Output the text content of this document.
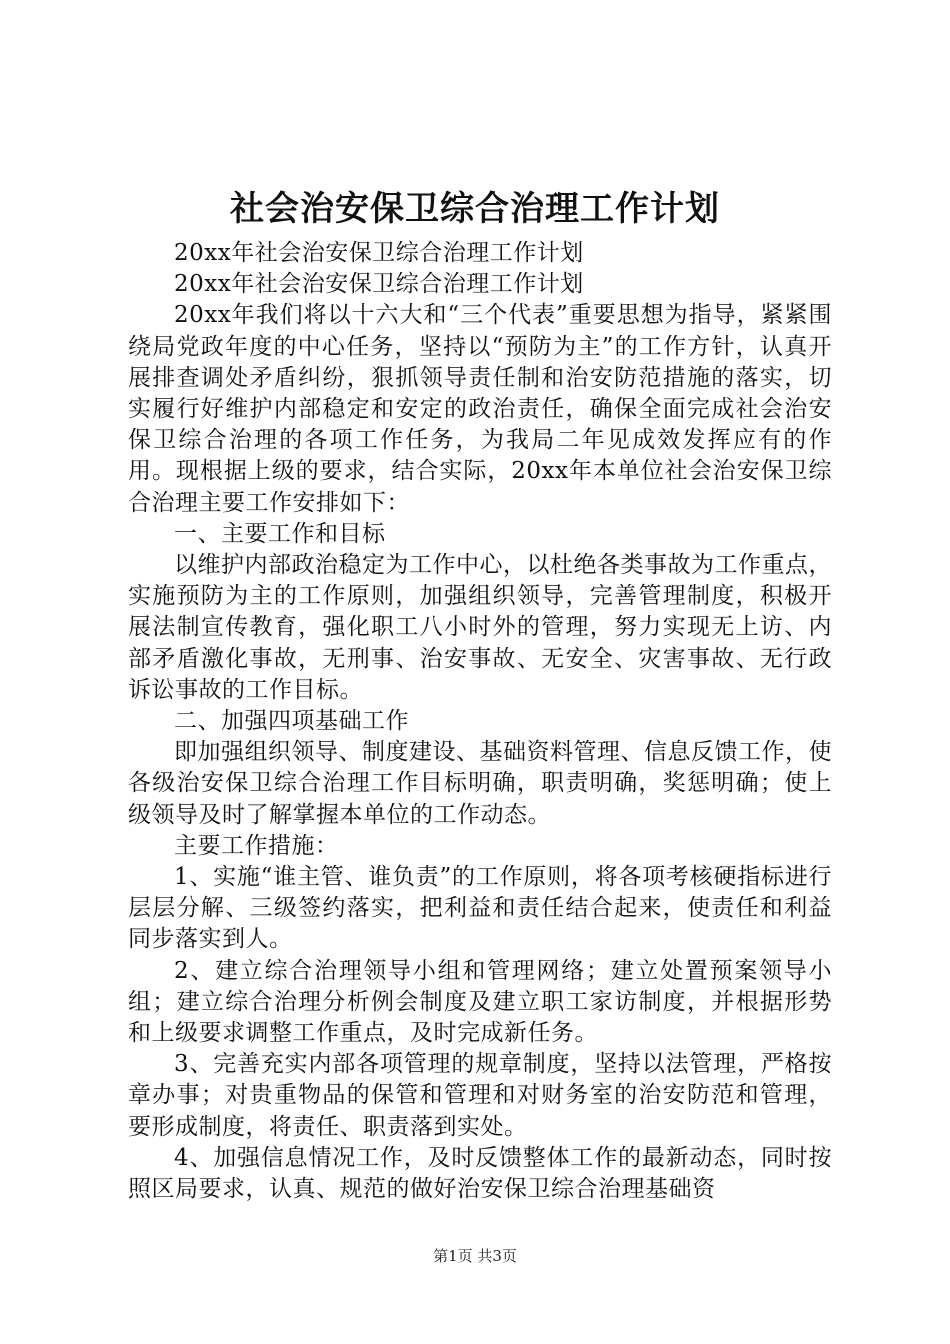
社会治安保卫综合治理工作计划

20xx年社会治安保卫综合治理工作计划

20xx年社会治安保卫综合治理工作计划

20xx年我们将以十六大和“三个代表”重要思想为指导，紧紧围绕局党政年度的中心任务，坚持以“预防为主”的工作方针，认真开展排查调处矛盾纠纷，狠抓领导责任制和治安防范措施的落实，切实履行好维护内部稳定和安定的政治责任，确保全面完成社会治安保卫综合治理的各项工作任务，为我局二年见成效发挥应有的作用。现根据上级的要求，结合实际，20xx年本单位社会治安保卫综合治理主要工作安排如下：

一、主要工作和目标

以维护内部政治稳定为工作中心，以杜绝各类事故为工作重点，实施预防为主的工作原则，加强组织领导，完善管理制度，积极开展法制宣传教育，强化职工八小时外的管理，努力实现无上访、内部矛盾激化事故，无刑事、治安事故、无安全、灾害事故、无行政诉讼事故的工作目标。

二、加强四项基础工作

即加强组织领导、制度建设、基础资料管理、信息反馈工作，使各级治安保卫综合治理工作目标明确，职责明确，奖惩明确；使上级领导及时了解掌握本单位的工作动态。

主要工作措施：

1、实施“谁主管、谁负责”的工作原则，将各项考核硬指标进行层层分解、三级签约落实，把利益和责任结合起来，使责任和利益同步落实到人。

2、建立综合治理领导小组和管理网络；建立处置预案领导小组；建立综合治理分析例会制度及建立职工家访制度，并根据形势和上级要求调整工作重点，及时完成新任务。

3、完善充实内部各项管理的规章制度，坚持以法管理，严格按章办事；对贵重物品的保管和管理和对财务室的治安防范和管理，要形成制度，将责任、职责落到实处。

4、加强信息情况工作，及时反馈整体工作的最新动态，同时按照区局要求，认真、规范的做好治安保卫综合治理基础资

第1页 共3页
